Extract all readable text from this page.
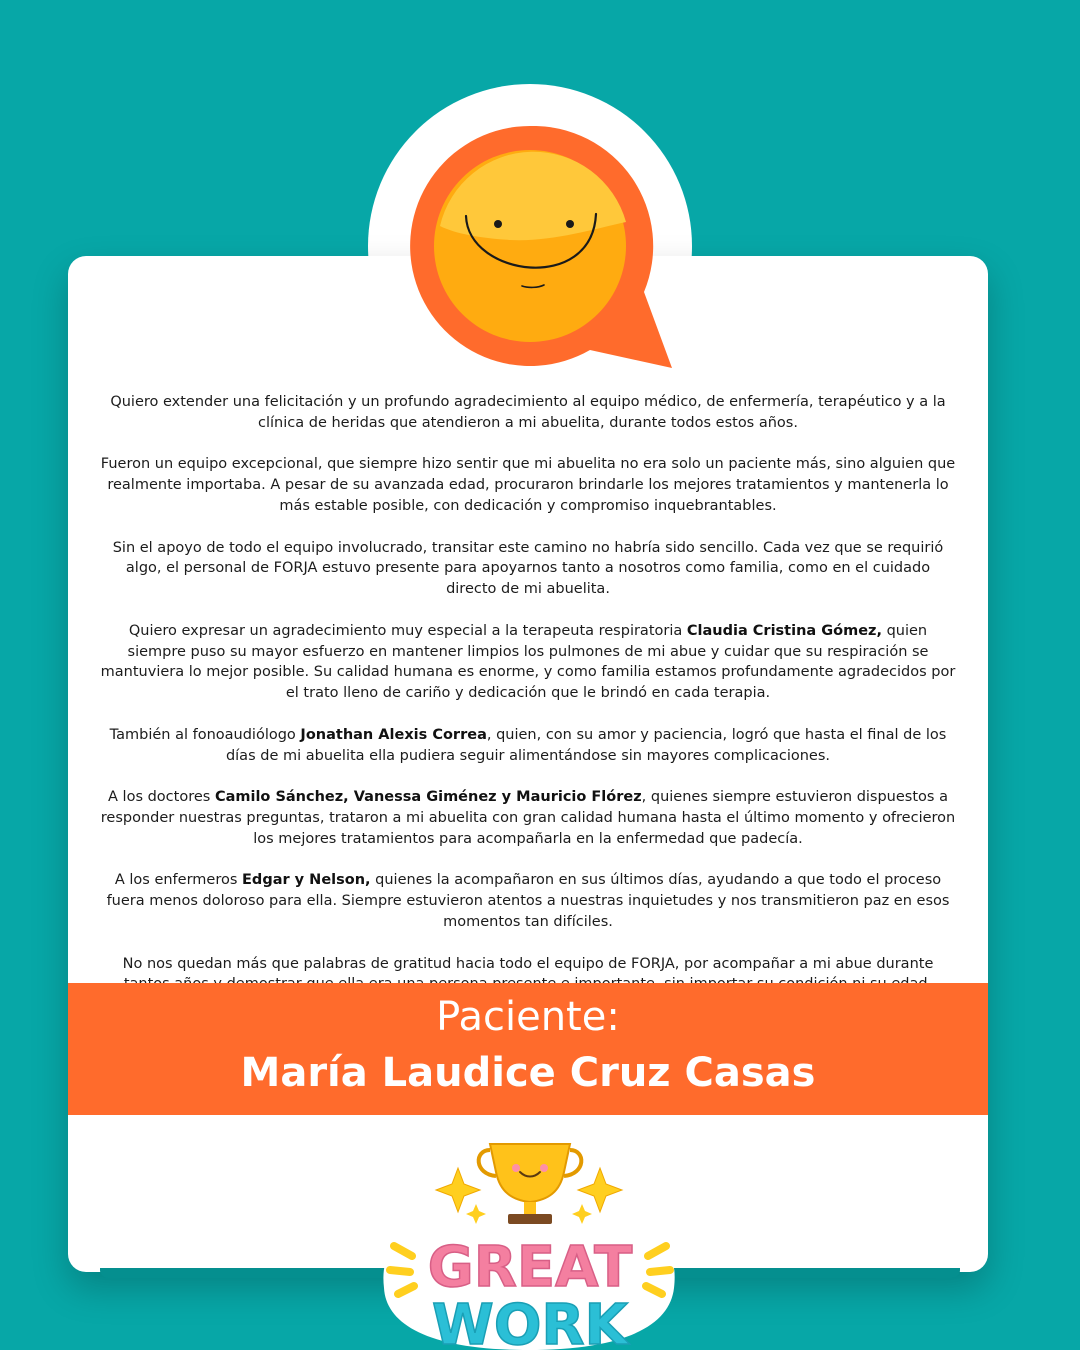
Quiero extender una felicitación y un profundo agradecimiento al equipo médico, de enfermería, terapéutico y a la clínica de heridas que atendieron a mi abuelita, durante todos estos años.

Fueron un equipo excepcional, que siempre hizo sentir que mi abuelita no era solo un paciente más, sino alguien que realmente importaba. A pesar de su avanzada edad, procuraron brindarle los mejores tratamientos y mantenerla lo más estable posible, con dedicación y compromiso inquebrantables.

Sin el apoyo de todo el equipo involucrado, transitar este camino no habría sido sencillo. Cada vez que se requirió algo, el personal de FORJA estuvo presente para apoyarnos tanto a nosotros como familia, como en el cuidado directo de mi abuelita.

Quiero expresar un agradecimiento muy especial a la terapeuta respiratoria Claudia Cristina Gómez, quien siempre puso su mayor esfuerzo en mantener limpios los pulmones de mi abue y cuidar que su respiración se mantuviera lo mejor posible. Su calidad humana es enorme, y como familia estamos profundamente agradecidos por el trato lleno de cariño y dedicación que le brindó en cada terapia.

También al fonoaudiólogo Jonathan Alexis Correa, quien, con su amor y paciencia, logró que hasta el final de los días de mi abuelita ella pudiera seguir alimentándose sin mayores complicaciones.

A los doctores Camilo Sánchez, Vanessa Giménez y Mauricio Flórez, quienes siempre estuvieron dispuestos a responder nuestras preguntas, trataron a mi abuelita con gran calidad humana hasta el último momento y ofrecieron los mejores tratamientos para acompañarla en la enfermedad que padecía.

A los enfermeros Edgar y Nelson, quienes la acompañaron en sus últimos días, ayudando a que todo el proceso fuera menos doloroso para ella. Siempre estuvieron atentos a nuestras inquietudes y nos transmitieron paz en esos momentos tan difíciles.

No nos quedan más que palabras de gratitud hacia todo el equipo de FORJA, por acompañar a mi abue durante

Paciente:
María Laudice Cruz Casas
GREAT
WORK
